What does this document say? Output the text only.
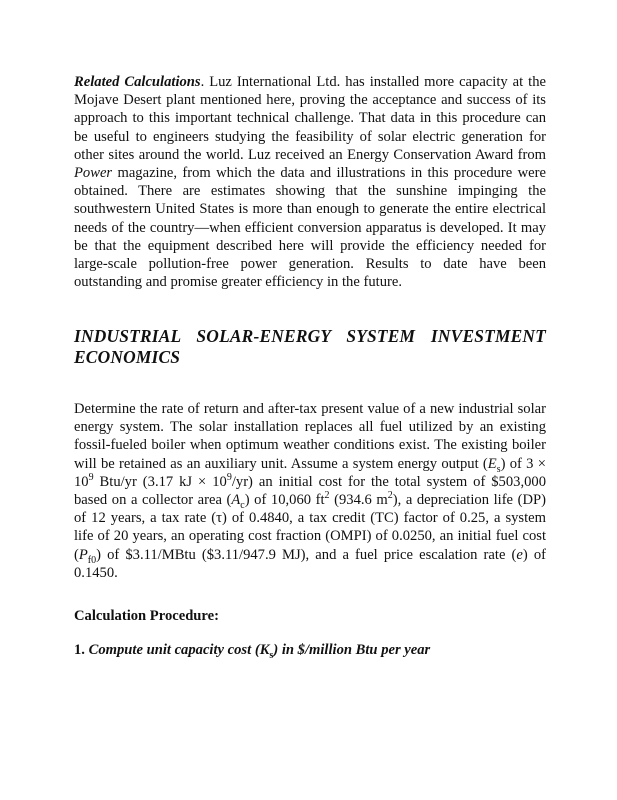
Related Calculations. Luz International Ltd. has installed more capacity at the Mojave Desert plant mentioned here, proving the acceptance and success of its approach to this important technical challenge. That data in this procedure can be useful to engineers studying the feasibility of solar electric generation for other sites around the world. Luz received an Energy Conservation Award from Power magazine, from which the data and illustrations in this procedure were obtained. There are estimates showing that the sunshine impinging the southwestern United States is more than enough to generate the entire electrical needs of the country—when efficient conversion apparatus is developed. It may be that the equipment described here will provide the efficiency needed for large-scale pollution-free power generation. Results to date have been outstanding and promise greater efficiency in the future.

INDUSTRIAL SOLAR-ENERGY SYSTEM INVESTMENT ECONOMICS

Determine the rate of return and after-tax present value of a new industrial solar energy system. The solar installation replaces all fuel utilized by an existing fossil-fueled boiler when optimum weather conditions exist. The existing boiler will be retained as an auxiliary unit. Assume a system energy output $(E_s)$ of $3 \times 10^9$ Btu/yr (3.17 kJ × $10^9/yr$) an initial cost for the total system of $503,000 based on a collector area $(A_c)$ of 10,060 $ft^2$ (934.6 $m^2$), a depreciation life (DP) of 12 years, a tax rate (τ) of 0.4840, a tax credit (TC) factor of 0.25, a system life of 20 years, an operating cost fraction (OMPI) of 0.0250, an initial fuel cost $(P_{f0})$ of $3.11/MBtu ($3.11/947.9 MJ), and a fuel price escalation rate (e) of 0.1450.

Calculation Procedure:

1. Compute unit capacity cost $(K_s)$ in $/million Btu per year
